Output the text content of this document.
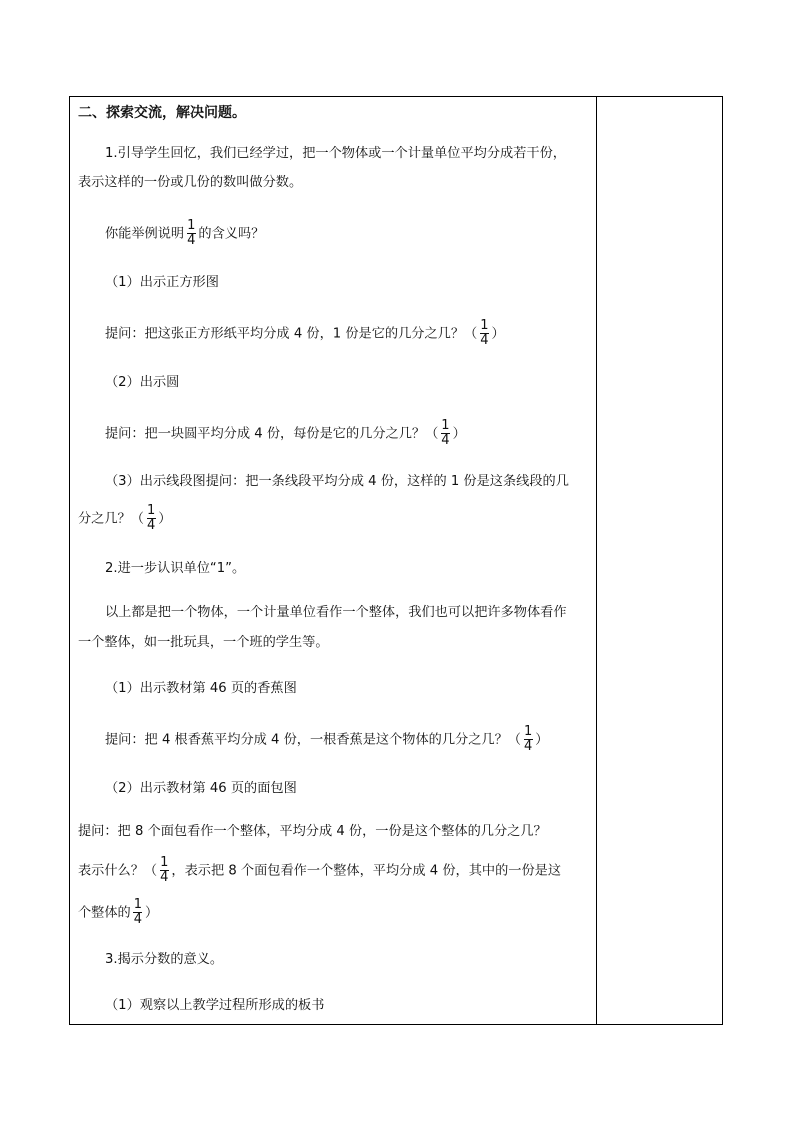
二、探索交流，解决问题。
1.引导学生回忆，我们已经学过，把一个物体或一个计量单位平均分成若干份，
表示这样的一份或几份的数叫做分数。
你能举例说明 $\frac{1}{4}$ 的含义吗？
（1）出示正方形图
提问：把这张正方形纸平均分成 4 份，1 份是它的几分之几？（ $\frac{1}{4}$ ）
（2）出示圆
提问：把一块圆平均分成 4 份，每份是它的几分之几？（ $\frac{1}{4}$ ）
（3）出示线段图提问：把一条线段平均分成 4 份，这样的 1 份是这条线段的几
分之几？（ $\frac{1}{4}$ ）
2.进一步认识单位“1”。
以上都是把一个物体，一个计量单位看作一个整体，我们也可以把许多物体看作
一个整体，如一批玩具，一个班的学生等。
（1）出示教材第 46 页的香蕉图
提问：把 4 根香蕉平均分成 4 份，一根香蕉是这个物体的几分之几？（ $\frac{1}{4}$ ）
（2）出示教材第 46 页的面包图
提问：把 8 个面包看作一个整体，平均分成 4 份，一份是这个整体的几分之几？
表示什么？（ $\frac{1}{4}$ ，表示把 8 个面包看作一个整体，平均分成 4 份，其中的一份是这
个整体的 $\frac{1}{4}$ ）
3.揭示分数的意义。
（1）观察以上教学过程所形成的板书
